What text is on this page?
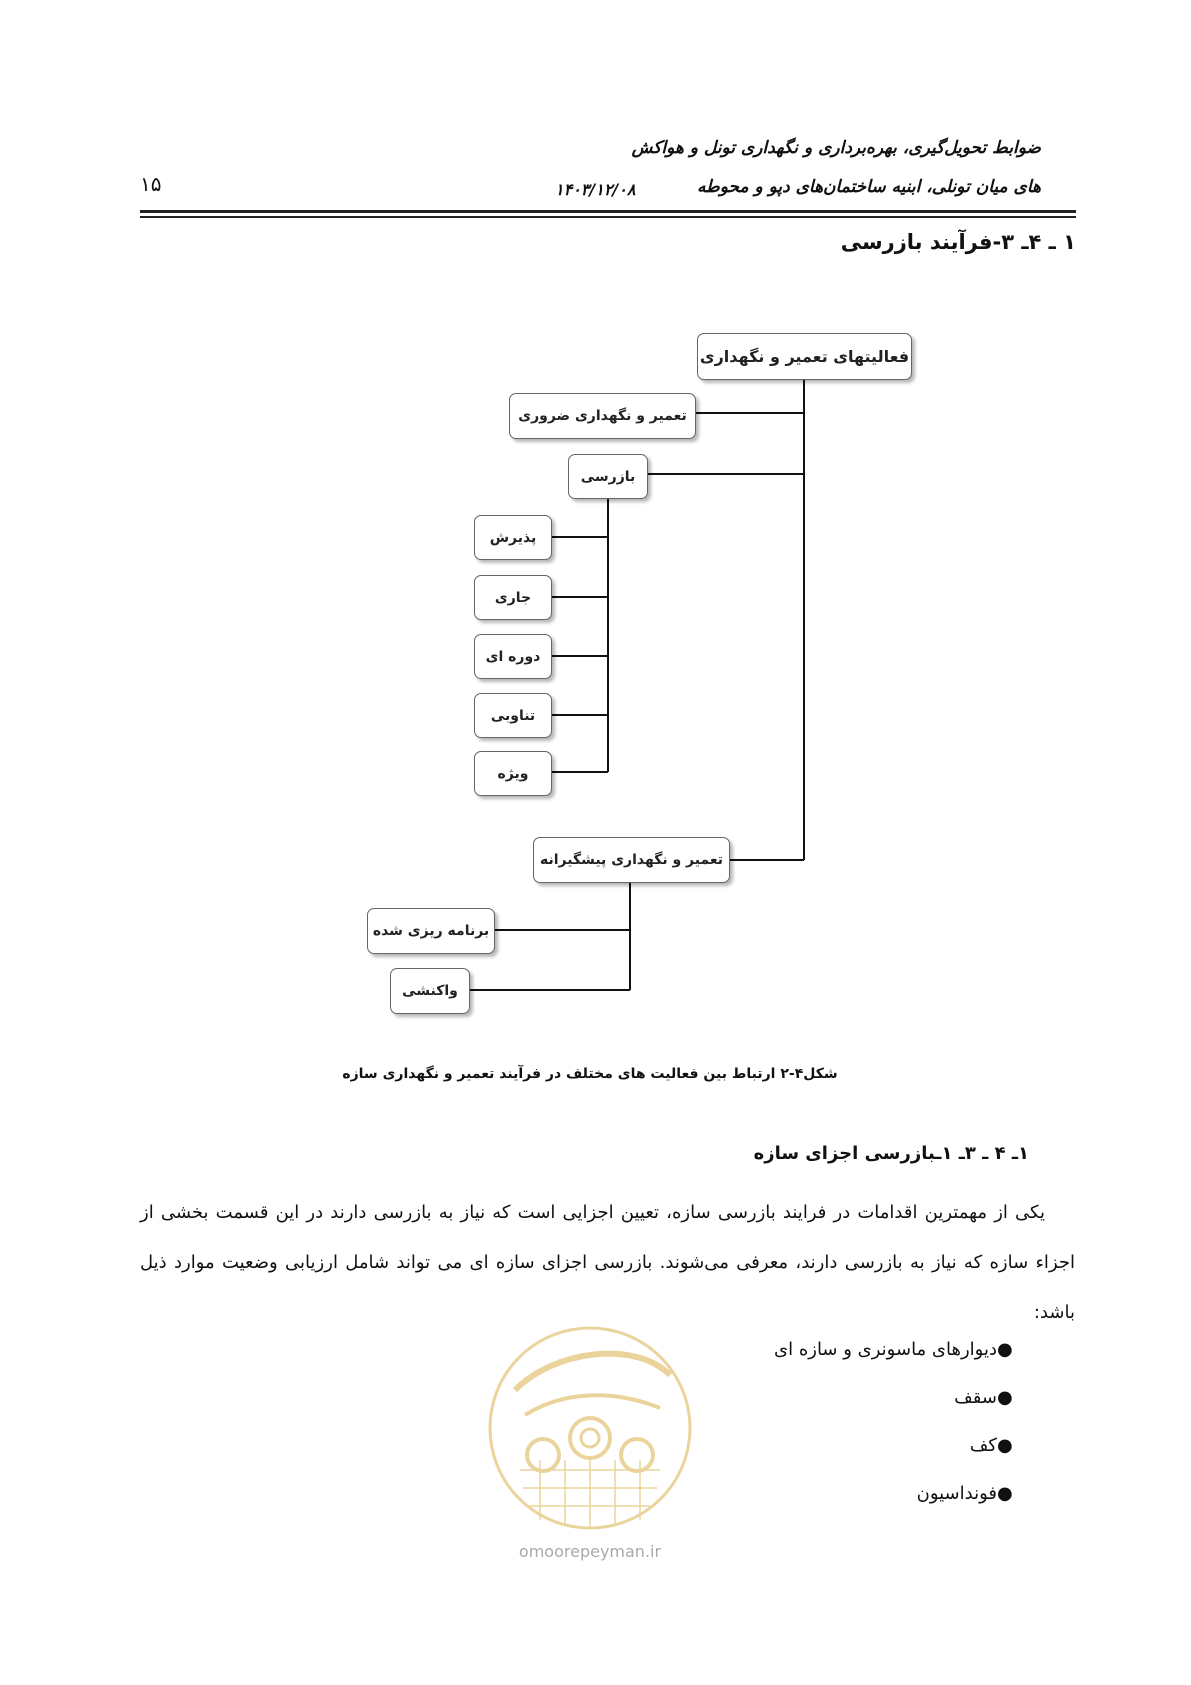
ضوابط تحویل‌گیری، بهره‌برداری و نگهداری تونل و هواکش
های میان تونلی، ابنیه ساختمان‌های دپو و محوطه
۱۵	۱۴۰۳/۱۲/۰۸
۱ ـ ۴ـ ۳-فرآیند بازرسی
فعالیتهای تعمیر و نگهداری
تعمیر و نگهداری ضروری
بازرسی
پذیرش
جاری
دوره ای
تناوبی
ویژه
تعمیر و نگهداری پیشگیرانه
برنامه ریزی شده
واکنشی
شکل۴-۲ ارتباط بین فعالیت های مختلف در فرآیند تعمیر و نگهداری سازه
۱ـ ۴ ـ ۳ـ ۱ـبازرسی اجزای سازه
یکی از مهمترین اقدامات در فرایند بازرسی سازه، تعیین اجزایی است که نیاز به بازرسی دارند در این قسمت بخشی از اجزاء سازه که نیاز به بازرسی دارند، معرفی می‌شوند. بازرسی اجزای سازه ای می تواند شامل ارزیابی وضعیت موارد ذیل باشد:
●دیوارهای ماسونری و سازه ای
●سقف
●کف
●فونداسیون
omoorepeyman.ir
